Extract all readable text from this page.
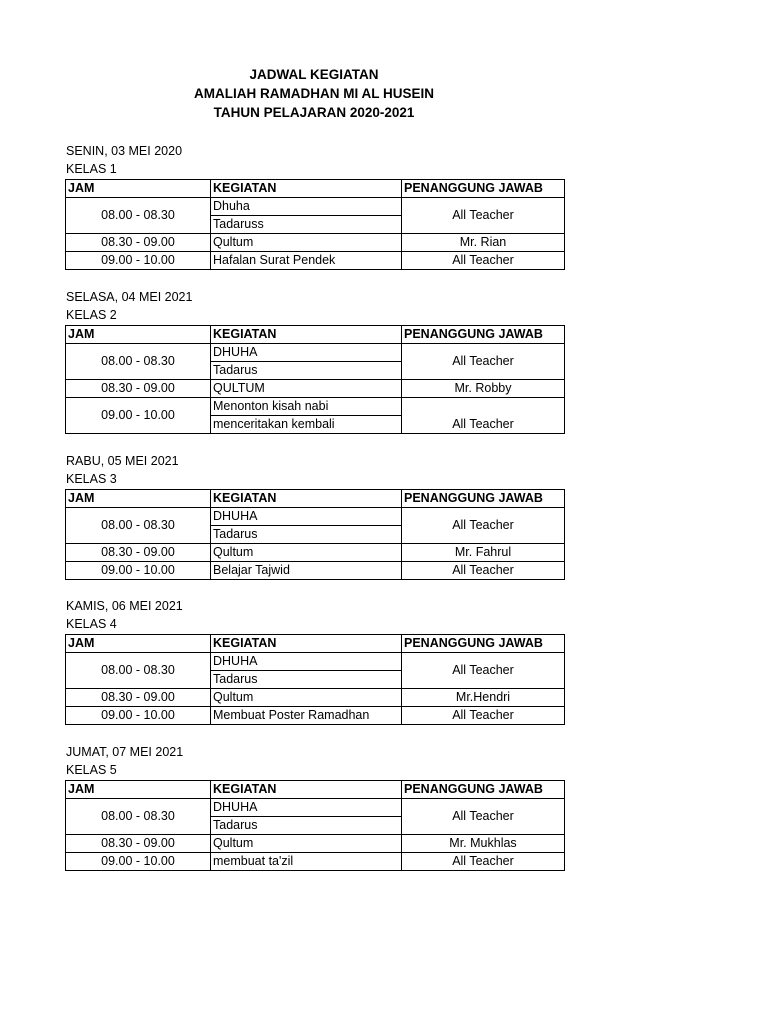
JADWAL KEGIATAN
AMALIAH RAMADHAN MI AL HUSEIN
TAHUN PELAJARAN 2020-2021
SENIN, 03 MEI 2020
KELAS 1
JAM	KEGIATAN	PENANGGUNG JAWAB
08.00 - 08.30	Dhuha	All Teacher
	Tadaruss	
08.30 - 09.00	Qultum	Mr. Rian
09.00 - 10.00	Hafalan Surat Pendek	All Teacher
SELASA, 04 MEI 2021
KELAS 2
JAM	KEGIATAN	PENANGGUNG JAWAB
08.00 - 08.30	DHUHA	All Teacher
	Tadarus	
08.30 - 09.00	QULTUM	Mr. Robby
09.00 - 10.00	Menonton kisah nabi	All Teacher
	menceritakan kembali	
RABU, 05 MEI 2021
KELAS 3
JAM	KEGIATAN	PENANGGUNG JAWAB
08.00 - 08.30	DHUHA	All Teacher
	Tadarus	
08.30 - 09.00	Qultum	Mr. Fahrul
09.00 - 10.00	Belajar Tajwid	All Teacher
KAMIS, 06 MEI 2021
KELAS 4
JAM	KEGIATAN	PENANGGUNG JAWAB
08.00 - 08.30	DHUHA	All Teacher
	Tadarus	
08.30 - 09.00	Qultum	Mr.Hendri
09.00 - 10.00	Membuat Poster Ramadhan	All Teacher
JUMAT, 07 MEI 2021
KELAS 5
JAM	KEGIATAN	PENANGGUNG JAWAB
08.00 - 08.30	DHUHA	All Teacher
	Tadarus	
08.30 - 09.00	Qultum	Mr. Mukhlas
09.00 - 10.00	membuat ta'zil	All Teacher
